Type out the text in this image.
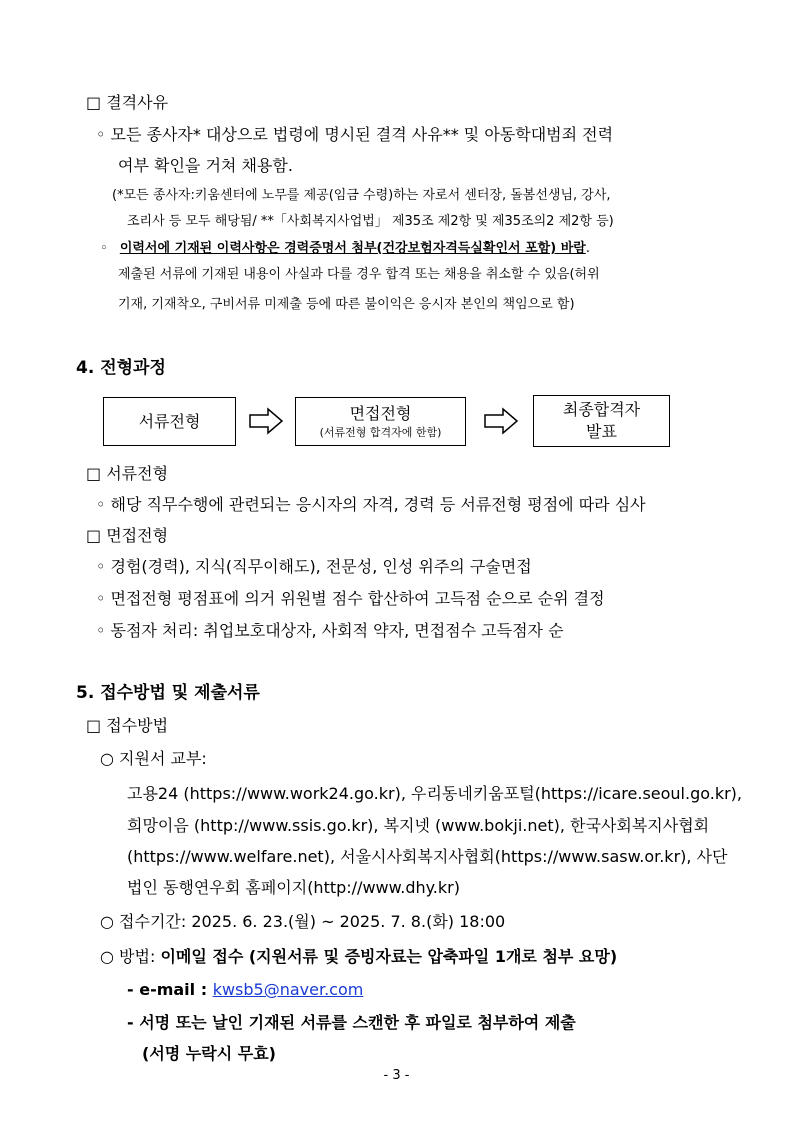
□ 결격사유
◦ 모든 종사자* 대상으로 법령에 명시된 결격 사유** 및 아동학대범죄 전력
여부 확인을 거쳐 채용함.
(*모든 종사자:키움센터에 노무를 제공(임금 수령)하는 자로서 센터장, 돌봄선생님, 강사,
조리사 등 모두 해당됨/ **「사회복지사업법」 제35조 제2항 및 제35조의2 제2항 등)
◦ 이력서에 기재된 이력사항은 경력증명서 첨부(건강보험자격득실확인서 포함) 바람.
제출된 서류에 기재된 내용이 사실과 다를 경우 합격 또는 채용을 취소할 수 있음(허위
기재, 기재착오, 구비서류 미제출 등에 따른 불이익은 응시자 본인의 책임으로 함)
4. 전형과정
서류전형	면접전형
(서류전형 합격자에 한함)
최종합격자
발표
□ 서류전형
◦ 해당 직무수행에 관련되는 응시자의 자격, 경력 등 서류전형 평점에 따라 심사
□ 면접전형
◦ 경험(경력), 지식(직무이해도), 전문성, 인성 위주의 구술면접
◦ 면접전형 평점표에 의거 위원별 점수 합산하여 고득점 순으로 순위 결정
◦ 동점자 처리: 취업보호대상자, 사회적 약자, 면접점수 고득점자 순
5. 접수방법 및 제출서류
□ 접수방법
○ 지원서 교부:
고용24 (https://www.work24.go.kr), 우리동네키움포털(https://icare.seoul.go.kr),
희망이음 (http://www.ssis.go.kr), 복지넷 (www.bokji.net), 한국사회복지사협회
(https://www.welfare.net), 서울시사회복지사협회(https://www.sasw.or.kr), 사단
법인 동행연우회 홈페이지(http://www.dhy.kr)
○ 접수기간: 2025. 6. 23.(월) ~ 2025. 7. 8.(화) 18:00
○ 방법: 이메일 접수 (지원서류 및 증빙자료는 압축파일 1개로 첨부 요망)
- e-mail : kwsb5@naver.com
- 서명 또는 날인 기재된 서류를 스캔한 후 파일로 첨부하여 제출
(서명 누락시 무효)
- 3 -
